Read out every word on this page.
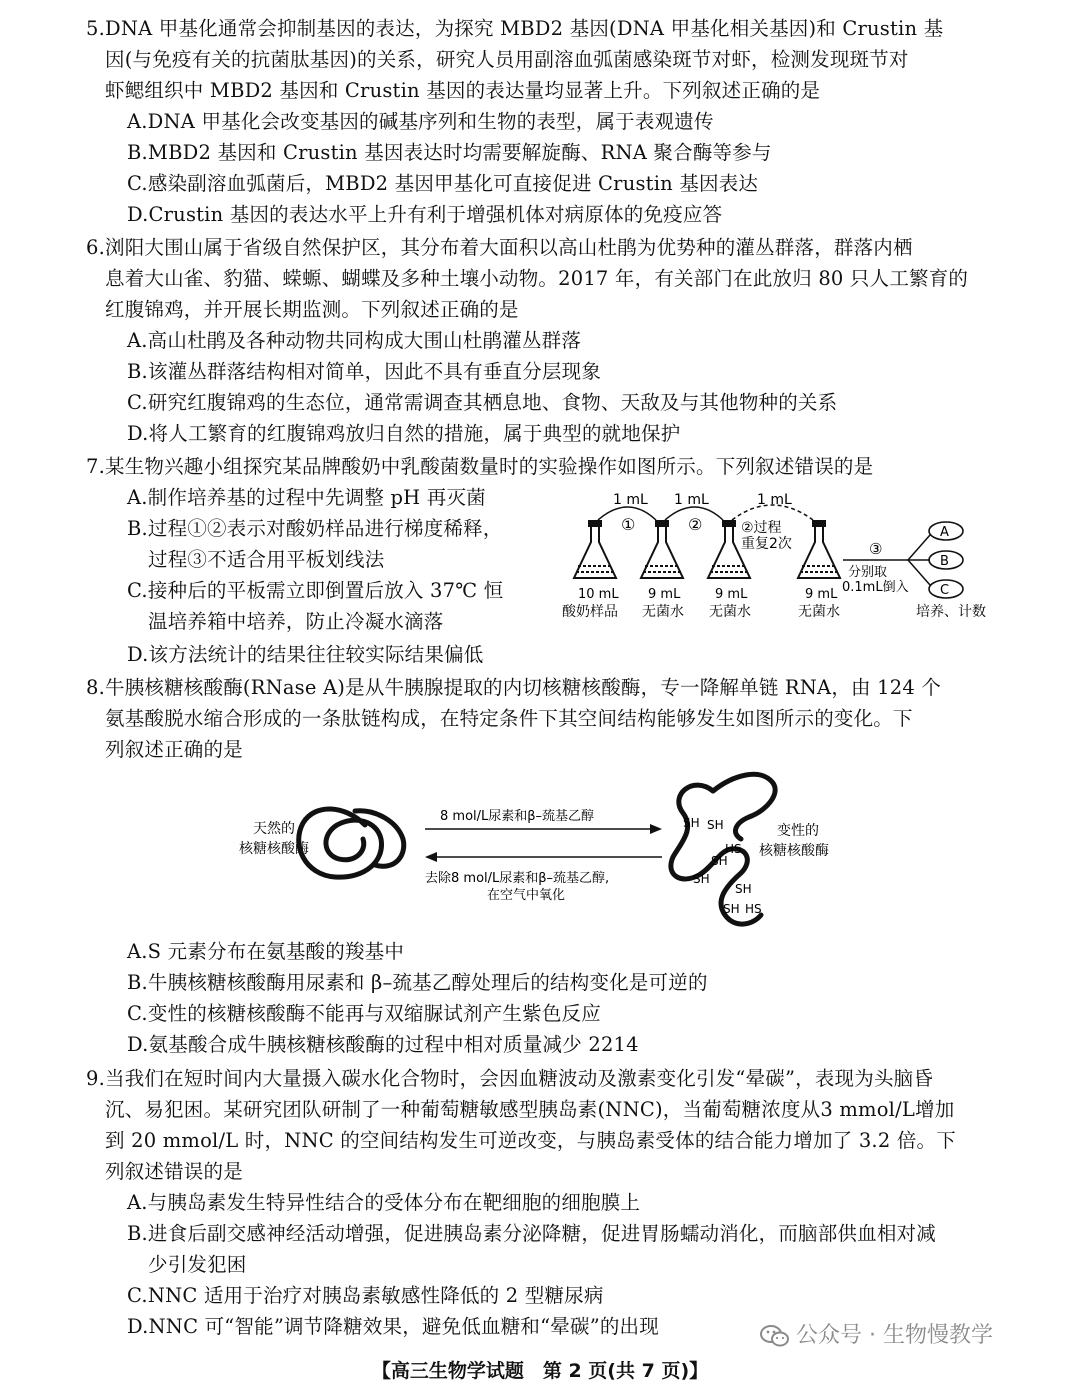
5.DNA 甲基化通常会抑制基因的表达，为探究 MBD2 基因(DNA 甲基化相关基因)和 Crustin 基
因(与免疫有关的抗菌肽基因)的关系，研究人员用副溶血弧菌感染斑节对虾，检测发现斑节对
虾鳃组织中 MBD2 基因和 Crustin 基因的表达量均显著上升。下列叙述正确的是
A.DNA 甲基化会改变基因的碱基序列和生物的表型，属于表观遗传
B.MBD2 基因和 Crustin 基因表达时均需要解旋酶、RNA 聚合酶等参与
C.感染副溶血弧菌后，MBD2 基因甲基化可直接促进 Crustin 基因表达
D.Crustin 基因的表达水平上升有利于增强机体对病原体的免疫应答
6.浏阳大围山属于省级自然保护区，其分布着大面积以高山杜鹃为优势种的灌丛群落，群落内栖
息着大山雀、豹猫、蝾螈、蝴蝶及多种土壤小动物。2017 年，有关部门在此放归 80 只人工繁育的
红腹锦鸡，并开展长期监测。下列叙述正确的是
A.高山杜鹃及各种动物共同构成大围山杜鹃灌丛群落
B.该灌丛群落结构相对简单，因此不具有垂直分层现象
C.研究红腹锦鸡的生态位，通常需调查其栖息地、食物、天敌及与其他物种的关系
D.将人工繁育的红腹锦鸡放归自然的措施，属于典型的就地保护
7.某生物兴趣小组探究某品牌酸奶中乳酸菌数量时的实验操作如图所示。下列叙述错误的是
A.制作培养基的过程中先调整 pH 再灭菌
B.过程①②表示对酸奶样品进行梯度稀释，
过程③不适合用平板划线法
C.接种后的平板需立即倒置后放入 37℃ 恒
温培养箱中培养，防止冷凝水滴落
D.该方法统计的结果往往较实际结果偏低
1 mL 1 mL	1 mL
①	②	②过程
重复2次	③
分别取
0.1mL倒入
A
B
C
10 mL 9 mL	9 mL	9 mL
酸奶样品 无菌水 无菌水	无菌水	培养、计数
8.牛胰核糖核酸酶(RNase A)是从牛胰腺提取的内切核糖核酸酶，专一降解单链 RNA，由 124 个
氨基酸脱水缩合形成的一条肽链构成，在特定条件下其空间结构能够发生如图所示的变化。下
列叙述正确的是
天然的
核糖核酸酶
8 mol/L尿素和β–巯基乙醇
去除8 mol/L尿素和β–巯基乙醇,
在空气中氧化
SH SH
HS
SH
SH
SH
SH HS
变性的
核糖核酸酶
A.S 元素分布在氨基酸的羧基中
B.牛胰核糖核酸酶用尿素和 β–巯基乙醇处理后的结构变化是可逆的
C.变性的核糖核酸酶不能再与双缩脲试剂产生紫色反应
D.氨基酸合成牛胰核糖核酸酶的过程中相对质量减少 2214
9.当我们在短时间内大量摄入碳水化合物时，会因血糖波动及激素变化引发“晕碳”，表现为头脑昏
沉、易犯困。某研究团队研制了一种葡萄糖敏感型胰岛素(NNC)，当葡萄糖浓度从3 mmol/L增加
到 20 mmol/L 时，NNC 的空间结构发生可逆改变，与胰岛素受体的结合能力增加了 3.2 倍。下
列叙述错误的是
A.与胰岛素发生特异性结合的受体分布在靶细胞的细胞膜上
B.进食后副交感神经活动增强，促进胰岛素分泌降糖，促进胃肠蠕动消化，而脑部供血相对减
少引发犯困
C.NNC 适用于治疗对胰岛素敏感性降低的 2 型糖尿病
D.NNC 可“智能”调节降糖效果，避免低血糖和“晕碳”的出现	公众号 · 生物慢教学
【高三生物学试题　第 2 页(共 7 页)】
